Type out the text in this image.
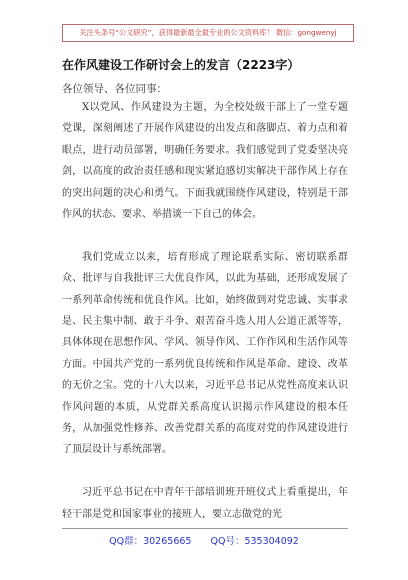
关注头条号“公文研究”，获得最新最全最专业的公文资料库！ 微信：gongwenyj
在作风建设工作研讨会上的发言（2223字）
各位领导、各位同事：

X以党风、作风建设为主题，为全校处级干部上了一堂专题党课，深刻阐述了开展作风建设的出发点和落脚点、着力点和着眼点，进行动员部署，明确任务要求。我们感觉到了党委坚决亮剑，以高度的政治责任感和现实紧迫感切实解决干部作风上存在的突出问题的决心和勇气。下面我就围绕作风建设，特别是干部作风的状态、要求、举措谈一下自己的体会。

我们党成立以来，培育形成了理论联系实际、密切联系群众、批评与自我批评三大优良作风，以此为基础，还形成发展了一系列革命传统和优良作风。比如，始终做到对党忠诚、实事求是、民主集中制、敢于斗争、艰苦奋斗选人用人公道正派等等，具体体现在思想作风、学风、领导作风、工作作风和生活作风等方面。中国共产党的一系列优良传统和作风是革命、建设、改革的无价之宝。党的十八大以来，习近平总书记从党性高度来认识作风问题的本质，从党群关系高度认识揭示作风建设的根本任务，从加强党性修养、改善党群关系的高度对党的作风建设进行了顶层设计与系统部署。

习近平总书记在中青年干部培训班开班仪式上看重提出，年轻干部是党和国家事业的接班人，要立志做党的光

QQ群：30265665 QQ号：535304092
